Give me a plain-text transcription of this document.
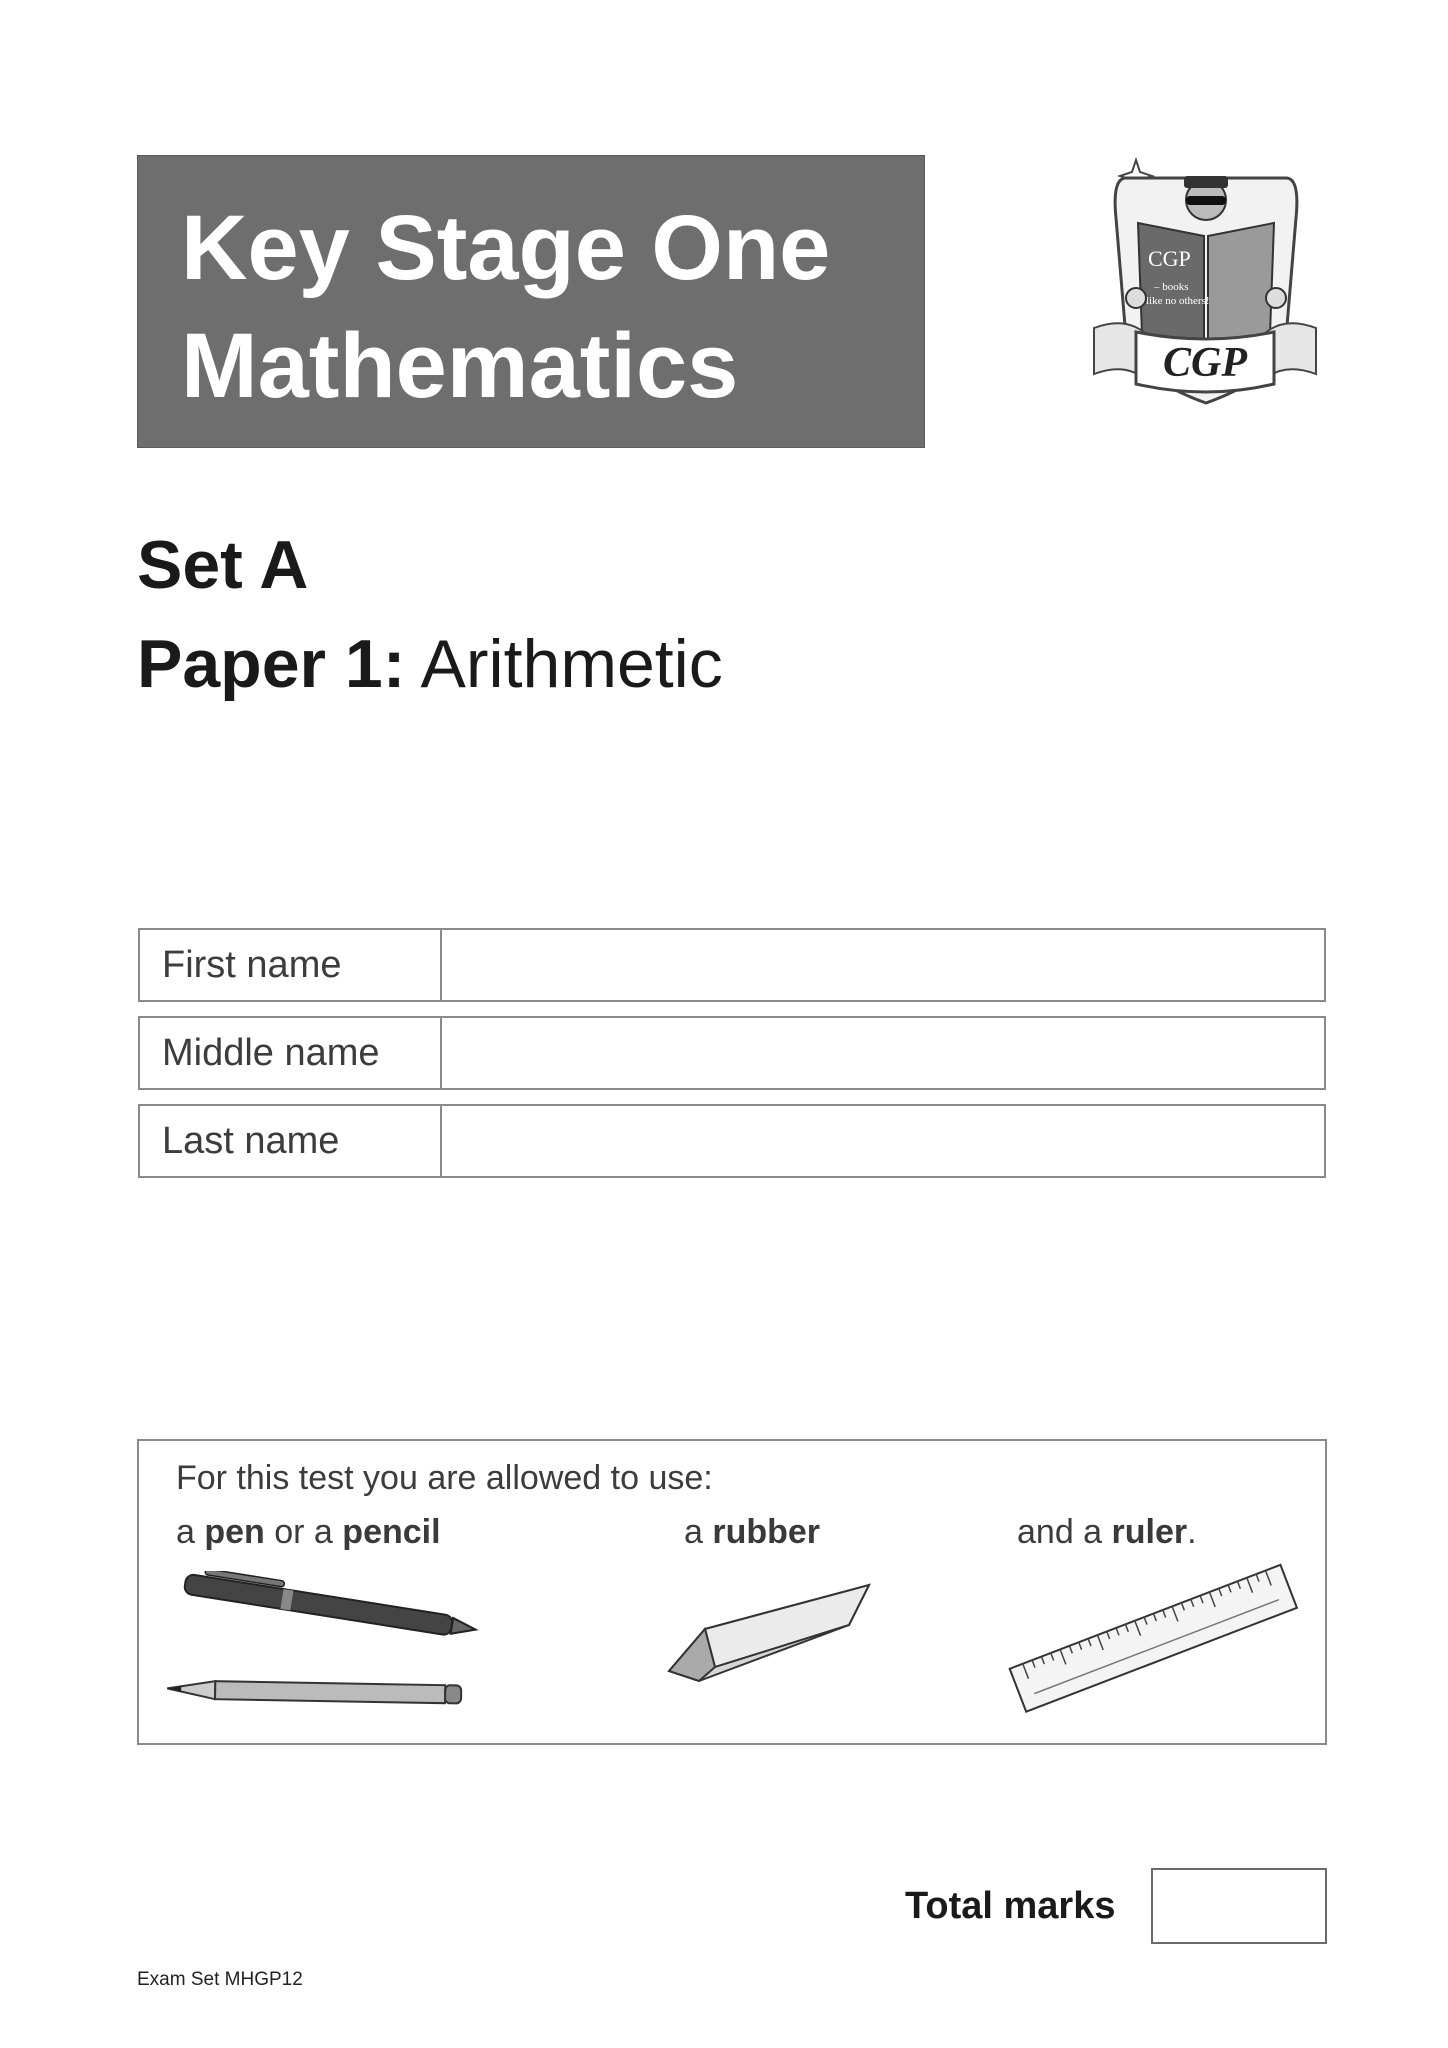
Key Stage One
Mathematics
CGP
– books
like no others!
CGP
Set A
Paper 1: Arithmetic
First name
Middle name
Last name
For this test you are allowed to use:
a pen or a pencil	a rubber	and a ruler.
Total marks
Exam Set MHGP12
